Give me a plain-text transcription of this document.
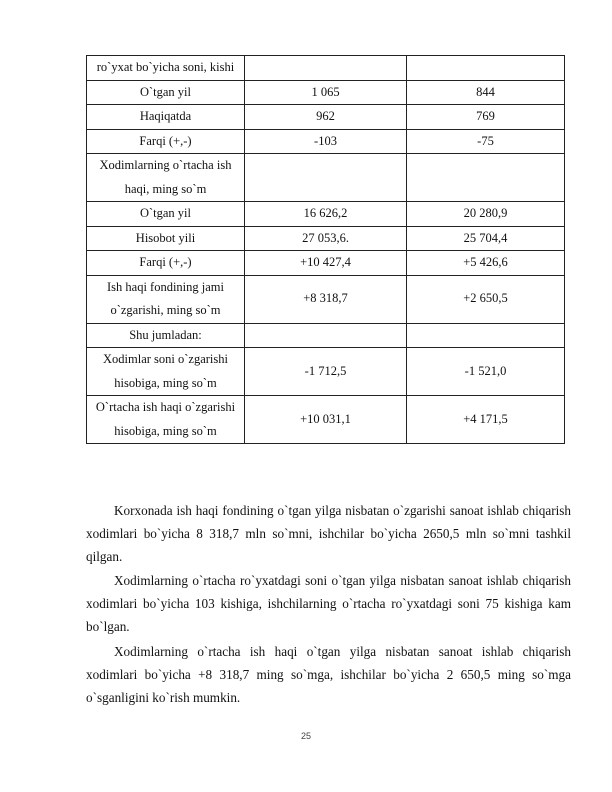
ro`yxat bo`yicha soni, kishi		
O`tgan yil	1 065	844
Haqiqatda	962	769
Farqi (+,-)	-103	-75
Xodimlarning o`rtacha ish haqi, ming so`m		
O`tgan yil	16 626,2	20 280,9
Hisobot yili	27 053,6.	25 704,4
Farqi (+,-)	+10 427,4	+5 426,6
Ish haqi fondining jami o`zgarishi, ming so`m	+8 318,7	+2 650,5
Shu jumladan:		
Xodimlar soni o`zgarishi hisobiga, ming so`m	-1 712,5	-1 521,0
O`rtacha ish haqi o`zgarishi hisobiga, ming so`m	+10 031,1	+4 171,5

Korxonada ish haqi fondining o`tgan yilga nisbatan o`zgarishi sanoat ishlab chiqarish xodimlari bo`yicha 8 318,7 mln so`mni, ishchilar bo`yicha 2650,5 mln so`mni tashkil qilgan.

Xodimlarning o`rtacha ro`yxatdagi soni o`tgan yilga nisbatan sanoat ishlab chiqarish xodimlari bo`yicha 103 kishiga, ishchilarning o`rtacha ro`yxatdagi soni 75 kishiga kam bo`lgan.

Xodimlarning o`rtacha ish haqi o`tgan yilga nisbatan sanoat ishlab chiqarish xodimlari bo`yicha +8 318,7 ming so`mga, ishchilar bo`yicha 2 650,5 ming so`mga o`sganligini ko`rish mumkin.

25
